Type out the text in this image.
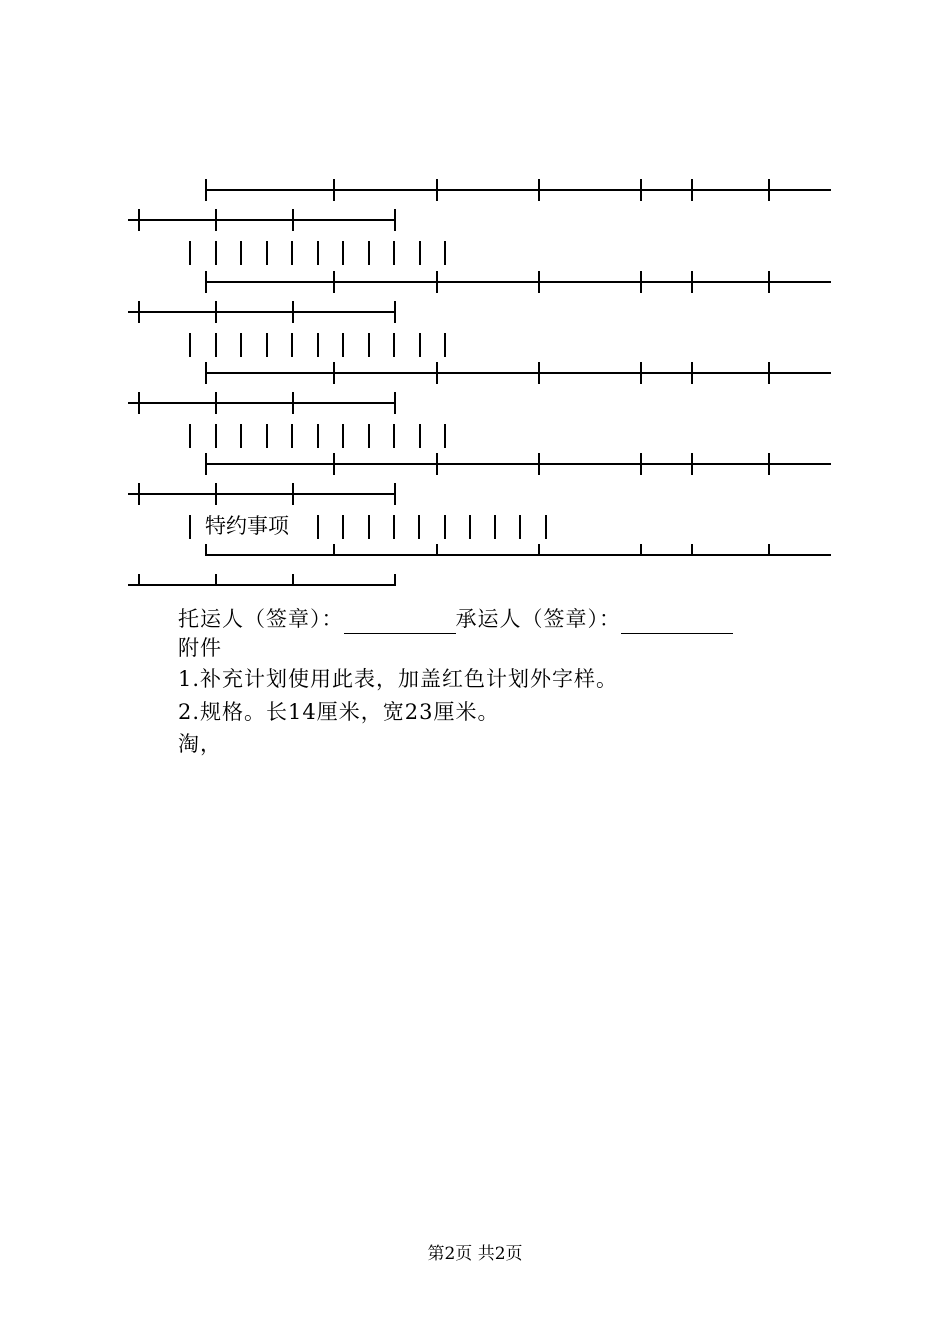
特约事项
托运人（签章）：	承运人（签章）：
附件
1.补充计划使用此表，加盖红色计划外字样。
2.规格。长14厘米，宽23厘米。
淘，
第2页 共2页
